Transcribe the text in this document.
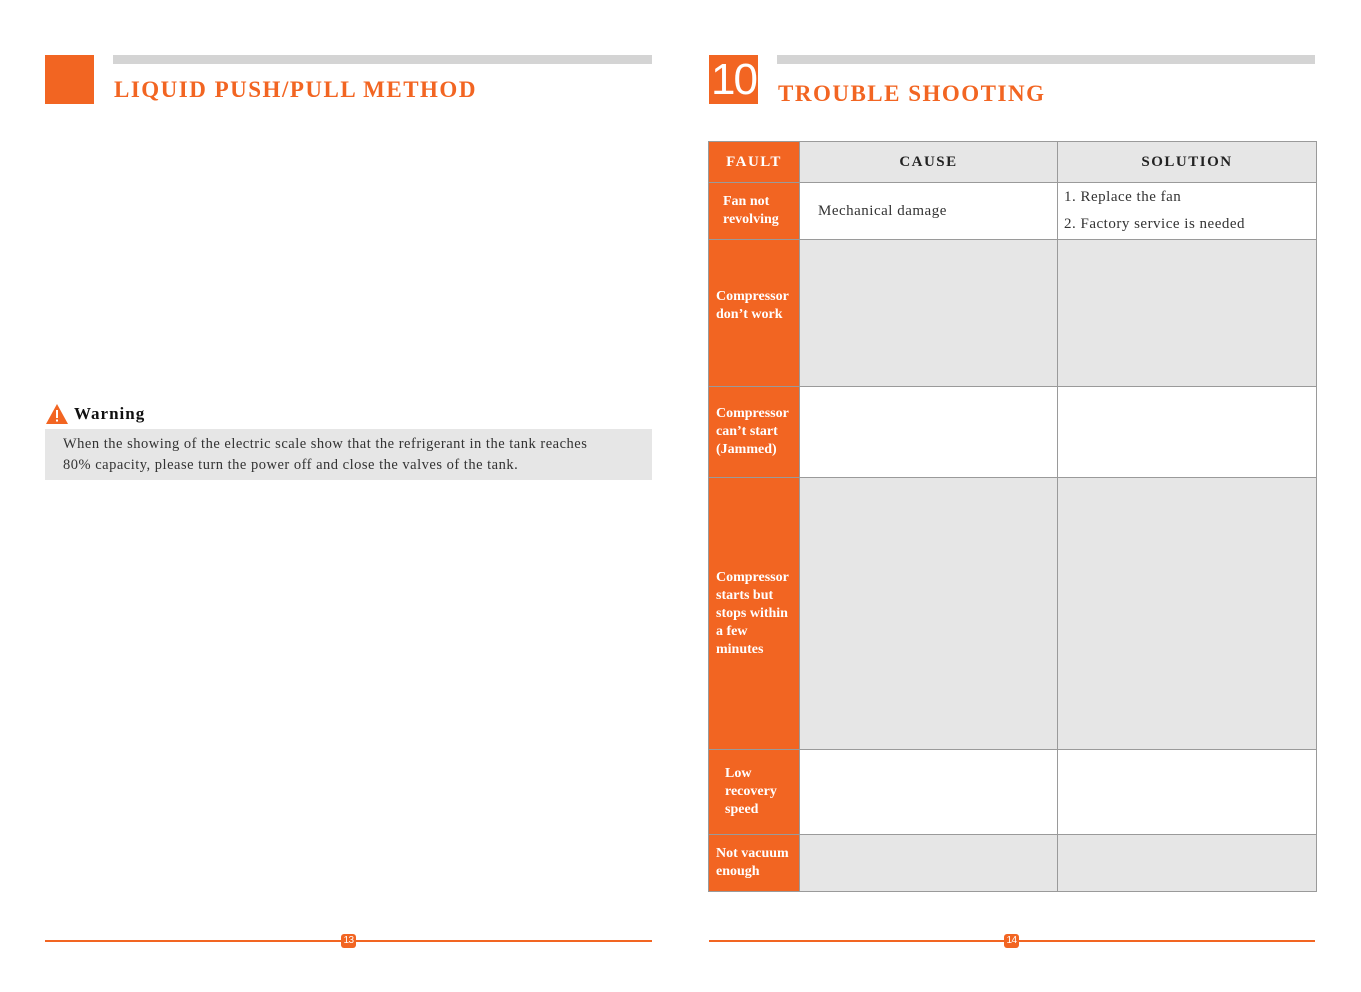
LIQUID PUSH/PULL METHOD
Warning
When the showing of the electric scale show that the refrigerant in the tank reaches
80% capacity, please turn the power off and close the valves of the tank.
13
10 TROUBLE SHOOTING
FAULT	CAUSE	SOLUTION
Fan not revolving	Mechanical damage	1. Replace the fan
2. Factory service is needed

Compressor don’t work		
Compressor can’t start (Jammed)		
Compressor starts but stops within a few minutes		
Low recovery speed		
Not vacuum enough		
14
